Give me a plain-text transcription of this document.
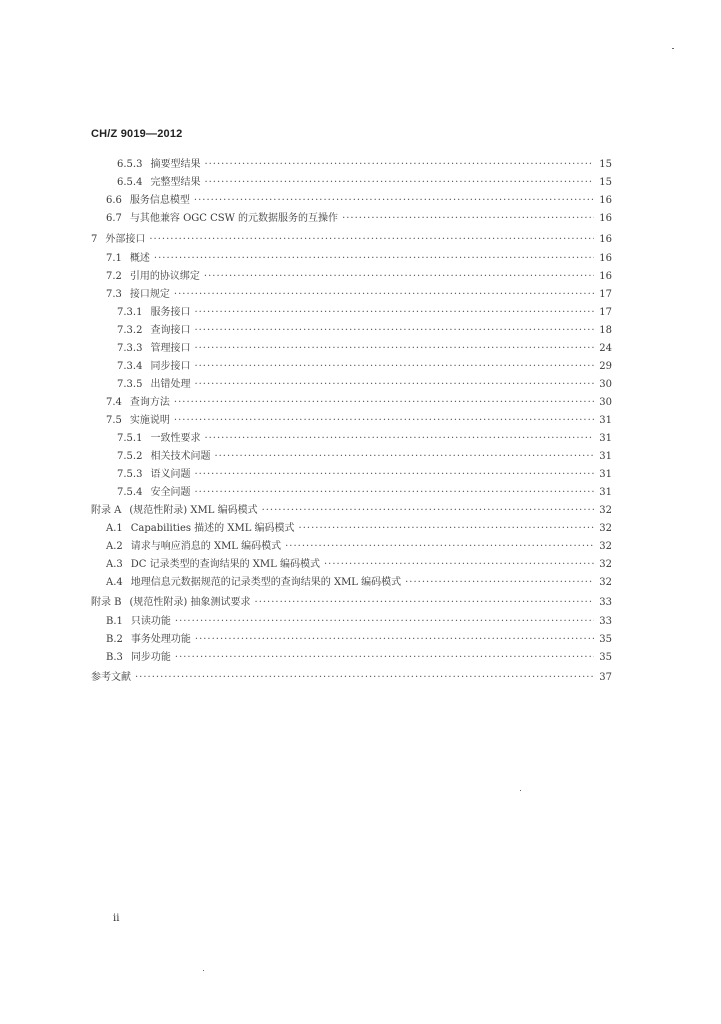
CH/Z 9019—2012
6.5.3 摘要型结果 ·····	15
6.5.4 完整型结果 ·····	15
6.6 服务信息模型 ·····	16
6.7 与其他兼容 OGC CSW 的元数据服务的互操作 ·····	16
7 外部接口 ·····	16
7.1 概述 ·····	16
7.2 引用的协议绑定 ·····	16
7.3 接口规定 ·····	17
7.3.1 服务接口 ·····	17
7.3.2 查询接口 ·····	18
7.3.3 管理接口 ·····	24
7.3.4 同步接口 ·····	29
7.3.5 出错处理 ·····	30
7.4 查询方法 ·····	30
7.5 实施说明 ·····	31
7.5.1 一致性要求 ·····	31
7.5.2 相关技术问题 ·····	31
7.5.3 语义问题 ·····	31
7.5.4 安全问题 ·····	31
附录 A (规范性附录) XML 编码模式 ·····	32
A.1 Capabilities 描述的 XML 编码模式 ·····	32
A.2 请求与响应消息的 XML 编码模式 ·····	32
A.3 DC 记录类型的查询结果的 XML 编码模式 ·····	32
A.4 地理信息元数据规范的记录类型的查询结果的 XML 编码模式 ·····	32
附录 B (规范性附录) 抽象测试要求 ·····	33
B.1 只读功能 ·····	33
B.2 事务处理功能 ·····	35
B.3 同步功能 ·····	35
参考文献 ·····	37
ii
